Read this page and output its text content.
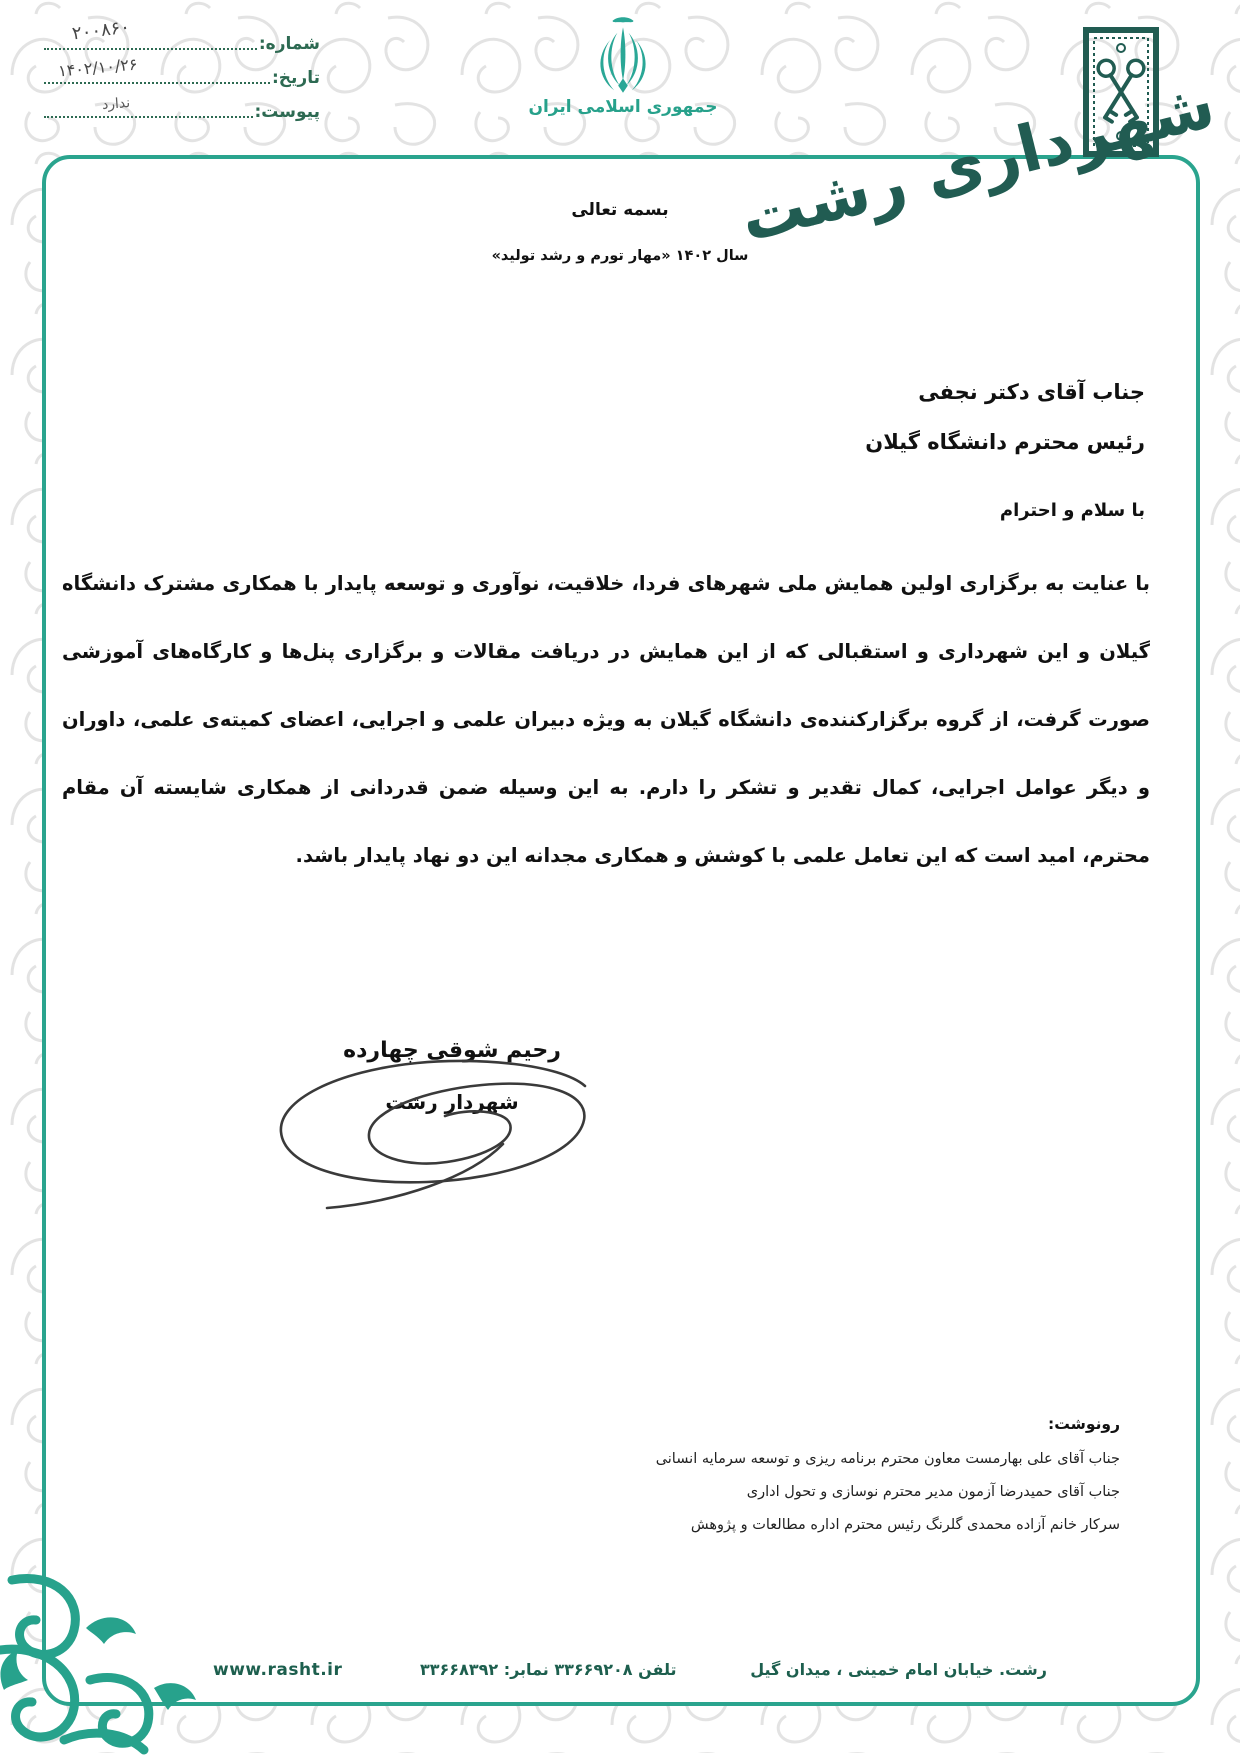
شماره:
تاریخ:
پیوست:
۲۰۰۸۶۰
۱۴۰۲/۱۰/۲۶
ندارد	جمهوری اسلامی ایران شهرداری رشت
بسمه تعالی
سال ۱۴۰۲ «مهار تورم و رشد تولید»
جناب آقای دکتر نجفی
رئیس محترم دانشگاه گیلان
با سلام و احترام
با عنایت به برگزاری اولین همایش ملی شهرهای فردا، خلاقیت، نوآوری و توسعه پایدار با همکاری مشترک دانشگاه گیلان و این شهرداری و استقبالی که از این همایش در دریافت مقالات و برگزاری پنل‌ها و کارگاه‌های آموزشی صورت گرفت، از گروه برگزارکننده‌ی دانشگاه گیلان به ویژه دبیران علمی و اجرایی، اعضای کمیته‌ی علمی، داوران و دیگر عوامل اجرایی، کمال تقدیر و تشکر را دارم. به این وسیله ضمن قدردانی از همکاری شایسته آن مقام محترم، امید است که این تعامل علمی با کوشش و همکاری مجدانه این دو نهاد پایدار باشد.
رحیم شوقی چهارده
شهردار رشت
رونوشت:
جناب آقای علی بهارمست معاون محترم برنامه ریزی و توسعه سرمایه انسانی
جناب آقای حمیدرضا آزمون مدیر محترم نوسازی و تحول اداری
سرکار خانم آزاده محمدی گلرنگ رئیس محترم اداره مطالعات و پژوهش
رشت. خیابان امام خمینی ، میدان گیل
تلفن ۳۳۶۶۹۲۰۸ نمابر: ۳۳۶۶۸۳۹۲
www.rasht.ir
